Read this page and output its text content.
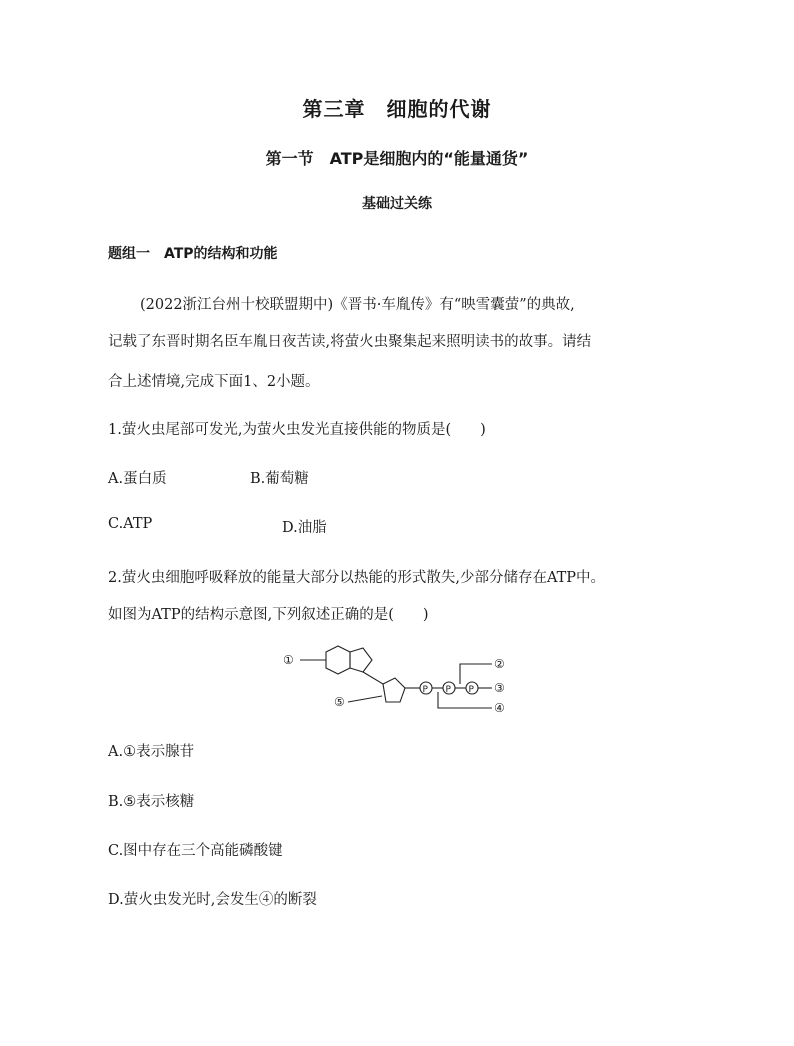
第三章　细胞的代谢
第一节　ATP是细胞内的“能量通货”
基础过关练
题组一　ATP的结构和功能
(2022浙江台州十校联盟期中)《晋书·车胤传》有“映雪囊萤”的典故,
记载了东晋时期名臣车胤日夜苦读,将萤火虫聚集起来照明读书的故事。请结
合上述情境,完成下面1、2小题。
1.萤火虫尾部可发光,为萤火虫发光直接供能的物质是(　　)
A.蛋白质	B.葡萄糖
C.ATP	D.油脂
2.萤火虫细胞呼吸释放的能量大部分以热能的形式散失,少部分储存在ATP中。
如图为ATP的结构示意图,下列叙述正确的是(　　)
①
⑤
P P P
②
③
④
A.①表示腺苷
B.⑤表示核糖
C.图中存在三个高能磷酸键
D.萤火虫发光时,会发生④的断裂
